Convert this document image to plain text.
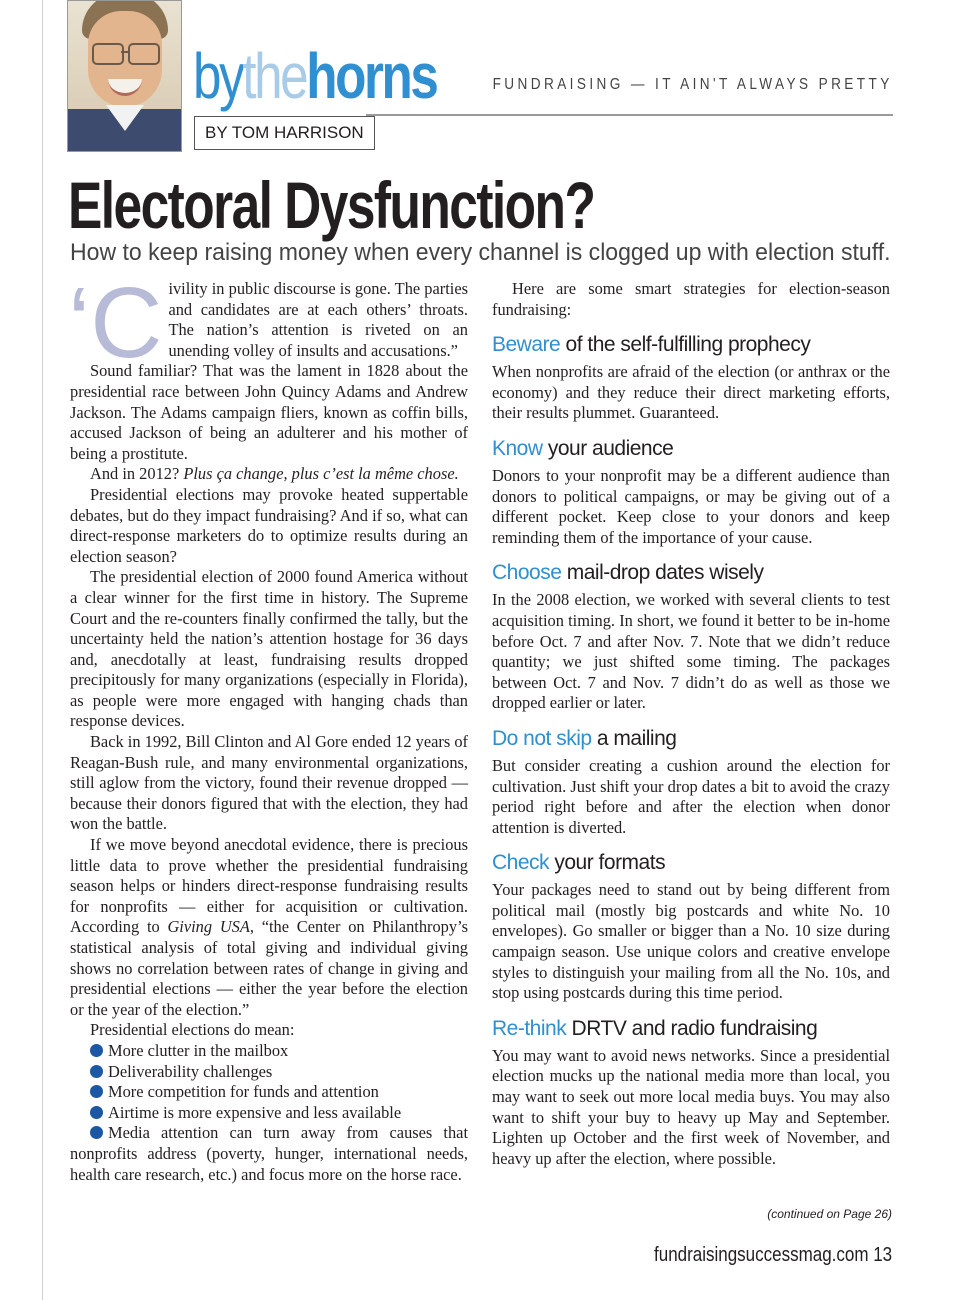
bythehorns
BY TOM HARRISON
FUNDRAISING — IT AIN'T ALWAYS PRETTY
Electoral Dysfunction?
How to keep raising money when every channel is clogged up with election stuff.

‘Civility in public discourse is gone. The parties and candidates are at each others’ throats. The nation’s attention is riveted on an unending volley of insults and accusations.”

Sound familiar? That was the lament in 1828 about the presidential race between John Quincy Adams and Andrew Jackson. The Adams campaign fliers, known as coffin bills, accused Jackson of being an adulterer and his mother of being a prostitute.

And in 2012? Plus ça change, plus c’est la même chose.

Presidential elections may provoke heated suppertable debates, but do they impact fundraising? And if so, what can direct-response marketers do to optimize results during an election season?

The presidential election of 2000 found America without a clear winner for the first time in history. The Supreme Court and the re-counters finally confirmed the tally, but the uncertainty held the nation’s attention hostage for 36 days and, anecdotally at least, fundraising results dropped precipitously for many organizations (especially in Florida), as people were more engaged with hanging chads than response devices.

Back in 1992, Bill Clinton and Al Gore ended 12 years of Reagan-Bush rule, and many environmental organizations, still aglow from the victory, found their revenue dropped — because their donors figured that with the election, they had won the battle.

If we move beyond anecdotal evidence, there is precious little data to prove whether the presidential fundraising season helps or hinders direct-response fundraising results for nonprofits — either for acquisition or cultivation. According to Giving USA, “the Center on Philanthropy’s statistical analysis of total giving and individual giving shows no correlation between rates of change in giving and presidential elections — either the year before the election or the year of the election.”

Presidential elections do mean:

More clutter in the mailbox
Deliverability challenges
More competition for funds and attention
Airtime is more expensive and less available
Media attention can turn away from causes that nonprofits address (poverty, hunger, international needs, health care research, etc.) and focus more on the horse race.

Here are some smart strategies for election-season fundraising:

Beware of the self-fulfilling prophecy

When nonprofits are afraid of the election (or anthrax or the economy) and they reduce their direct marketing efforts, their results plummet. Guaranteed.

Know your audience

Donors to your nonprofit may be a different audience than donors to political campaigns, or may be giving out of a different pocket. Keep close to your donors and keep reminding them of the importance of your cause.

Choose mail-drop dates wisely

In the 2008 election, we worked with several clients to test acquisition timing. In short, we found it better to be in-home before Oct. 7 and after Nov. 7. Note that we didn’t reduce quantity; we just shifted some timing. The packages between Oct. 7 and Nov. 7 didn’t do as well as those we dropped earlier or later.

Do not skip a mailing

But consider creating a cushion around the election for cultivation. Just shift your drop dates a bit to avoid the crazy period right before and after the election when donor attention is diverted.

Check your formats

Your packages need to stand out by being different from political mail (mostly big postcards and white No. 10 envelopes). Go smaller or bigger than a No. 10 size during campaign season. Use unique colors and creative envelope styles to distinguish your mailing from all the No. 10s, and stop using postcards during this time period.

Re-think DRTV and radio fundraising

You may want to avoid news networks. Since a presidential election mucks up the national media more than local, you may want to seek out more local media buys. You may also want to shift your buy to heavy up May and September. Lighten up October and the first week of November, and heavy up after the election, where possible.

(continued on Page 26)
fundraisingsuccessmag.com 13
